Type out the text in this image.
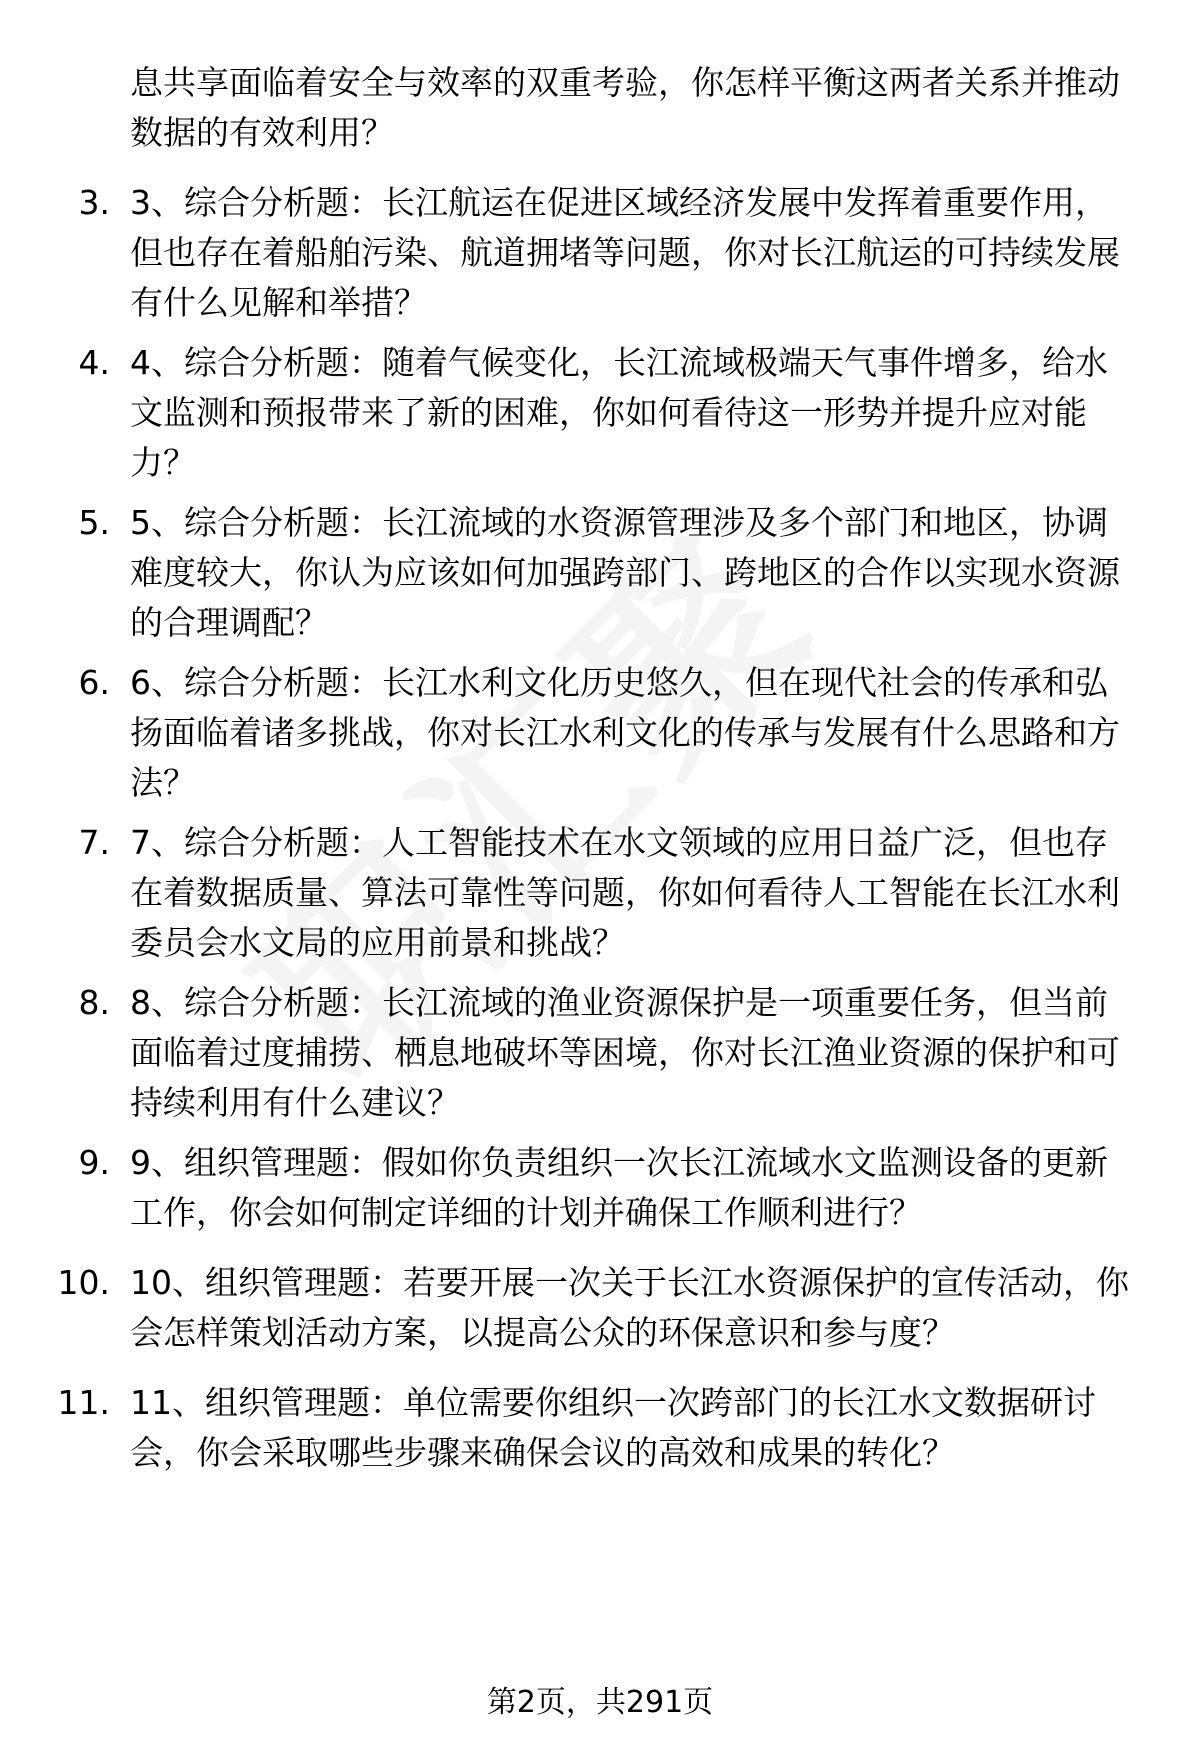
息共享面临着安全与效率的双重考验，你怎样平衡这两者关系并推动数据的有效利用？
3. 3、综合分析题：长江航运在促进区域经济发展中发挥着重要作用，但也存在着船舶污染、航道拥堵等问题，你对长江航运的可持续发展有什么见解和举措？
4. 4、综合分析题：随着气候变化，长江流域极端天气事件增多，给水文监测和预报带来了新的困难，你如何看待这一形势并提升应对能力？
5. 5、综合分析题：长江流域的水资源管理涉及多个部门和地区，协调难度较大，你认为应该如何加强跨部门、跨地区的合作以实现水资源的合理调配？
6. 6、综合分析题：长江水利文化历史悠久，但在现代社会的传承和弘扬面临着诸多挑战，你对长江水利文化的传承与发展有什么思路和方法？
7. 7、综合分析题：人工智能技术在水文领域的应用日益广泛，但也存在着数据质量、算法可靠性等问题，你如何看待人工智能在长江水利委员会水文局的应用前景和挑战？
8. 8、综合分析题：长江流域的渔业资源保护是一项重要任务，但当前面临着过度捕捞、栖息地破坏等困境，你对长江渔业资源的保护和可持续利用有什么建议？
9. 9、组织管理题：假如你负责组织一次长江流域水文监测设备的更新工作，你会如何制定详细的计划并确保工作顺利进行？
10. 10、组织管理题：若要开展一次关于长江水资源保护的宣传活动，你会怎样策划活动方案，以提高公众的环保意识和参与度？
11. 11、组织管理题：单位需要你组织一次跨部门的长江水文数据研讨会，你会采取哪些步骤来确保会议的高效和成果的转化？
第2页，共291页
